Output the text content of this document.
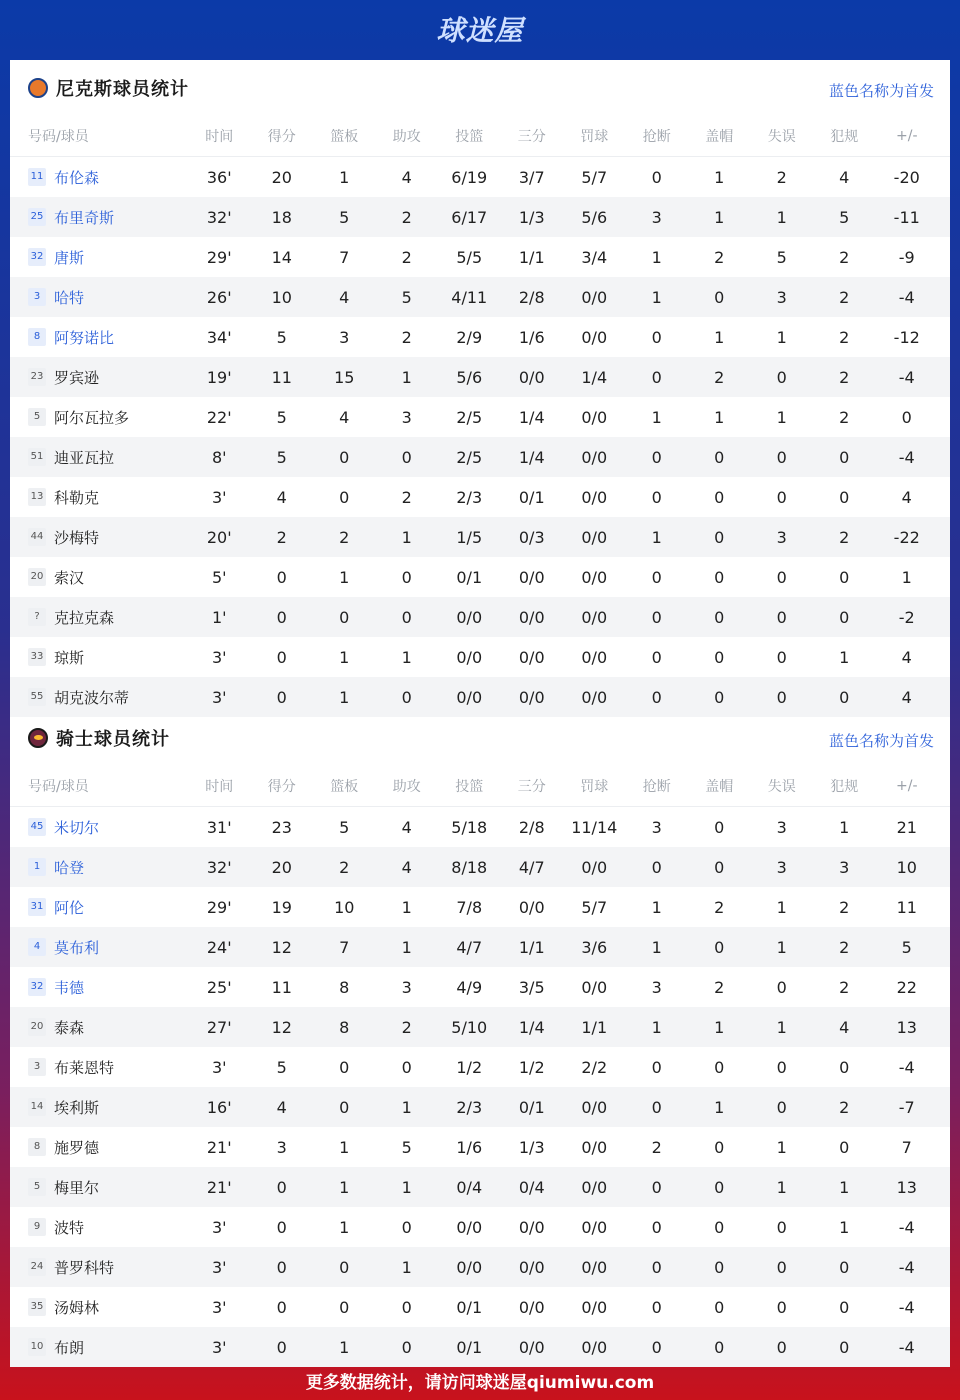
球迷屋
尼克斯球员统计	蓝色名称为首发
号码/球员	时间	得分	篮板	助攻	投篮	三分	罚球	抢断	盖帽	失误	犯规	+/-
11 布伦森	36'	20	1	4	6/19	3/7	5/7	0	1	2	4	-20
25 布里奇斯	32'	18	5	2	6/17	1/3	5/6	3	1	1	5	-11
32 唐斯	29'	14	7	2	5/5	1/1	3/4	1	2	5	2	-9
3 哈特	26'	10	4	5	4/11	2/8	0/0	1	0	3	2	-4
8 阿努诺比	34'	5	3	2	2/9	1/6	0/0	0	1	1	2	-12
23 罗宾逊	19'	11	15	1	5/6	0/0	1/4	0	2	0	2	-4
5 阿尔瓦拉多	22'	5	4	3	2/5	1/4	0/0	1	1	1	2	0
51 迪亚瓦拉	8'	5	0	0	2/5	1/4	0/0	0	0	0	0	-4
13 科勒克	3'	4	0	2	2/3	0/1	0/0	0	0	0	0	4
44 沙梅特	20'	2	2	1	1/5	0/3	0/0	1	0	3	2	-22
20 索汉	5'	0	1	0	0/1	0/0	0/0	0	0	0	0	1
? 克拉克森	1'	0	0	0	0/0	0/0	0/0	0	0	0	0	-2
33 琼斯	3'	0	1	1	0/0	0/0	0/0	0	0	0	1	4
55 胡克波尔蒂	3'	0	1	0	0/0	0/0	0/0	0	0	0	0	4
骑士球员统计	蓝色名称为首发
号码/球员	时间	得分	篮板	助攻	投篮	三分	罚球	抢断	盖帽	失误	犯规	+/-
45 米切尔	31'	23	5	4	5/18	2/8	11/14	3	0	3	1	21
1 哈登	32'	20	2	4	8/18	4/7	0/0	0	0	3	3	10
31 阿伦	29'	19	10	1	7/8	0/0	5/7	1	2	1	2	11
4 莫布利	24'	12	7	1	4/7	1/1	3/6	1	0	1	2	5
32 韦德	25'	11	8	3	4/9	3/5	0/0	3	2	0	2	22
20 泰森	27'	12	8	2	5/10	1/4	1/1	1	1	1	4	13
3 布莱恩特	3'	5	0	0	1/2	1/2	2/2	0	0	0	0	-4
14 埃利斯	16'	4	0	1	2/3	0/1	0/0	0	1	0	2	-7
8 施罗德	21'	3	1	5	1/6	1/3	0/0	2	0	1	0	7
5 梅里尔	21'	0	1	1	0/4	0/4	0/0	0	0	1	1	13
9 波特	3'	0	1	0	0/0	0/0	0/0	0	0	0	1	-4
24 普罗科特	3'	0	0	1	0/0	0/0	0/0	0	0	0	0	-4
35 汤姆林	3'	0	0	0	0/1	0/0	0/0	0	0	0	0	-4
10 布朗	3'	0	1	0	0/1	0/0	0/0	0	0	0	0	-4
更多数据统计，请访问球迷屋qiumiwu.com
